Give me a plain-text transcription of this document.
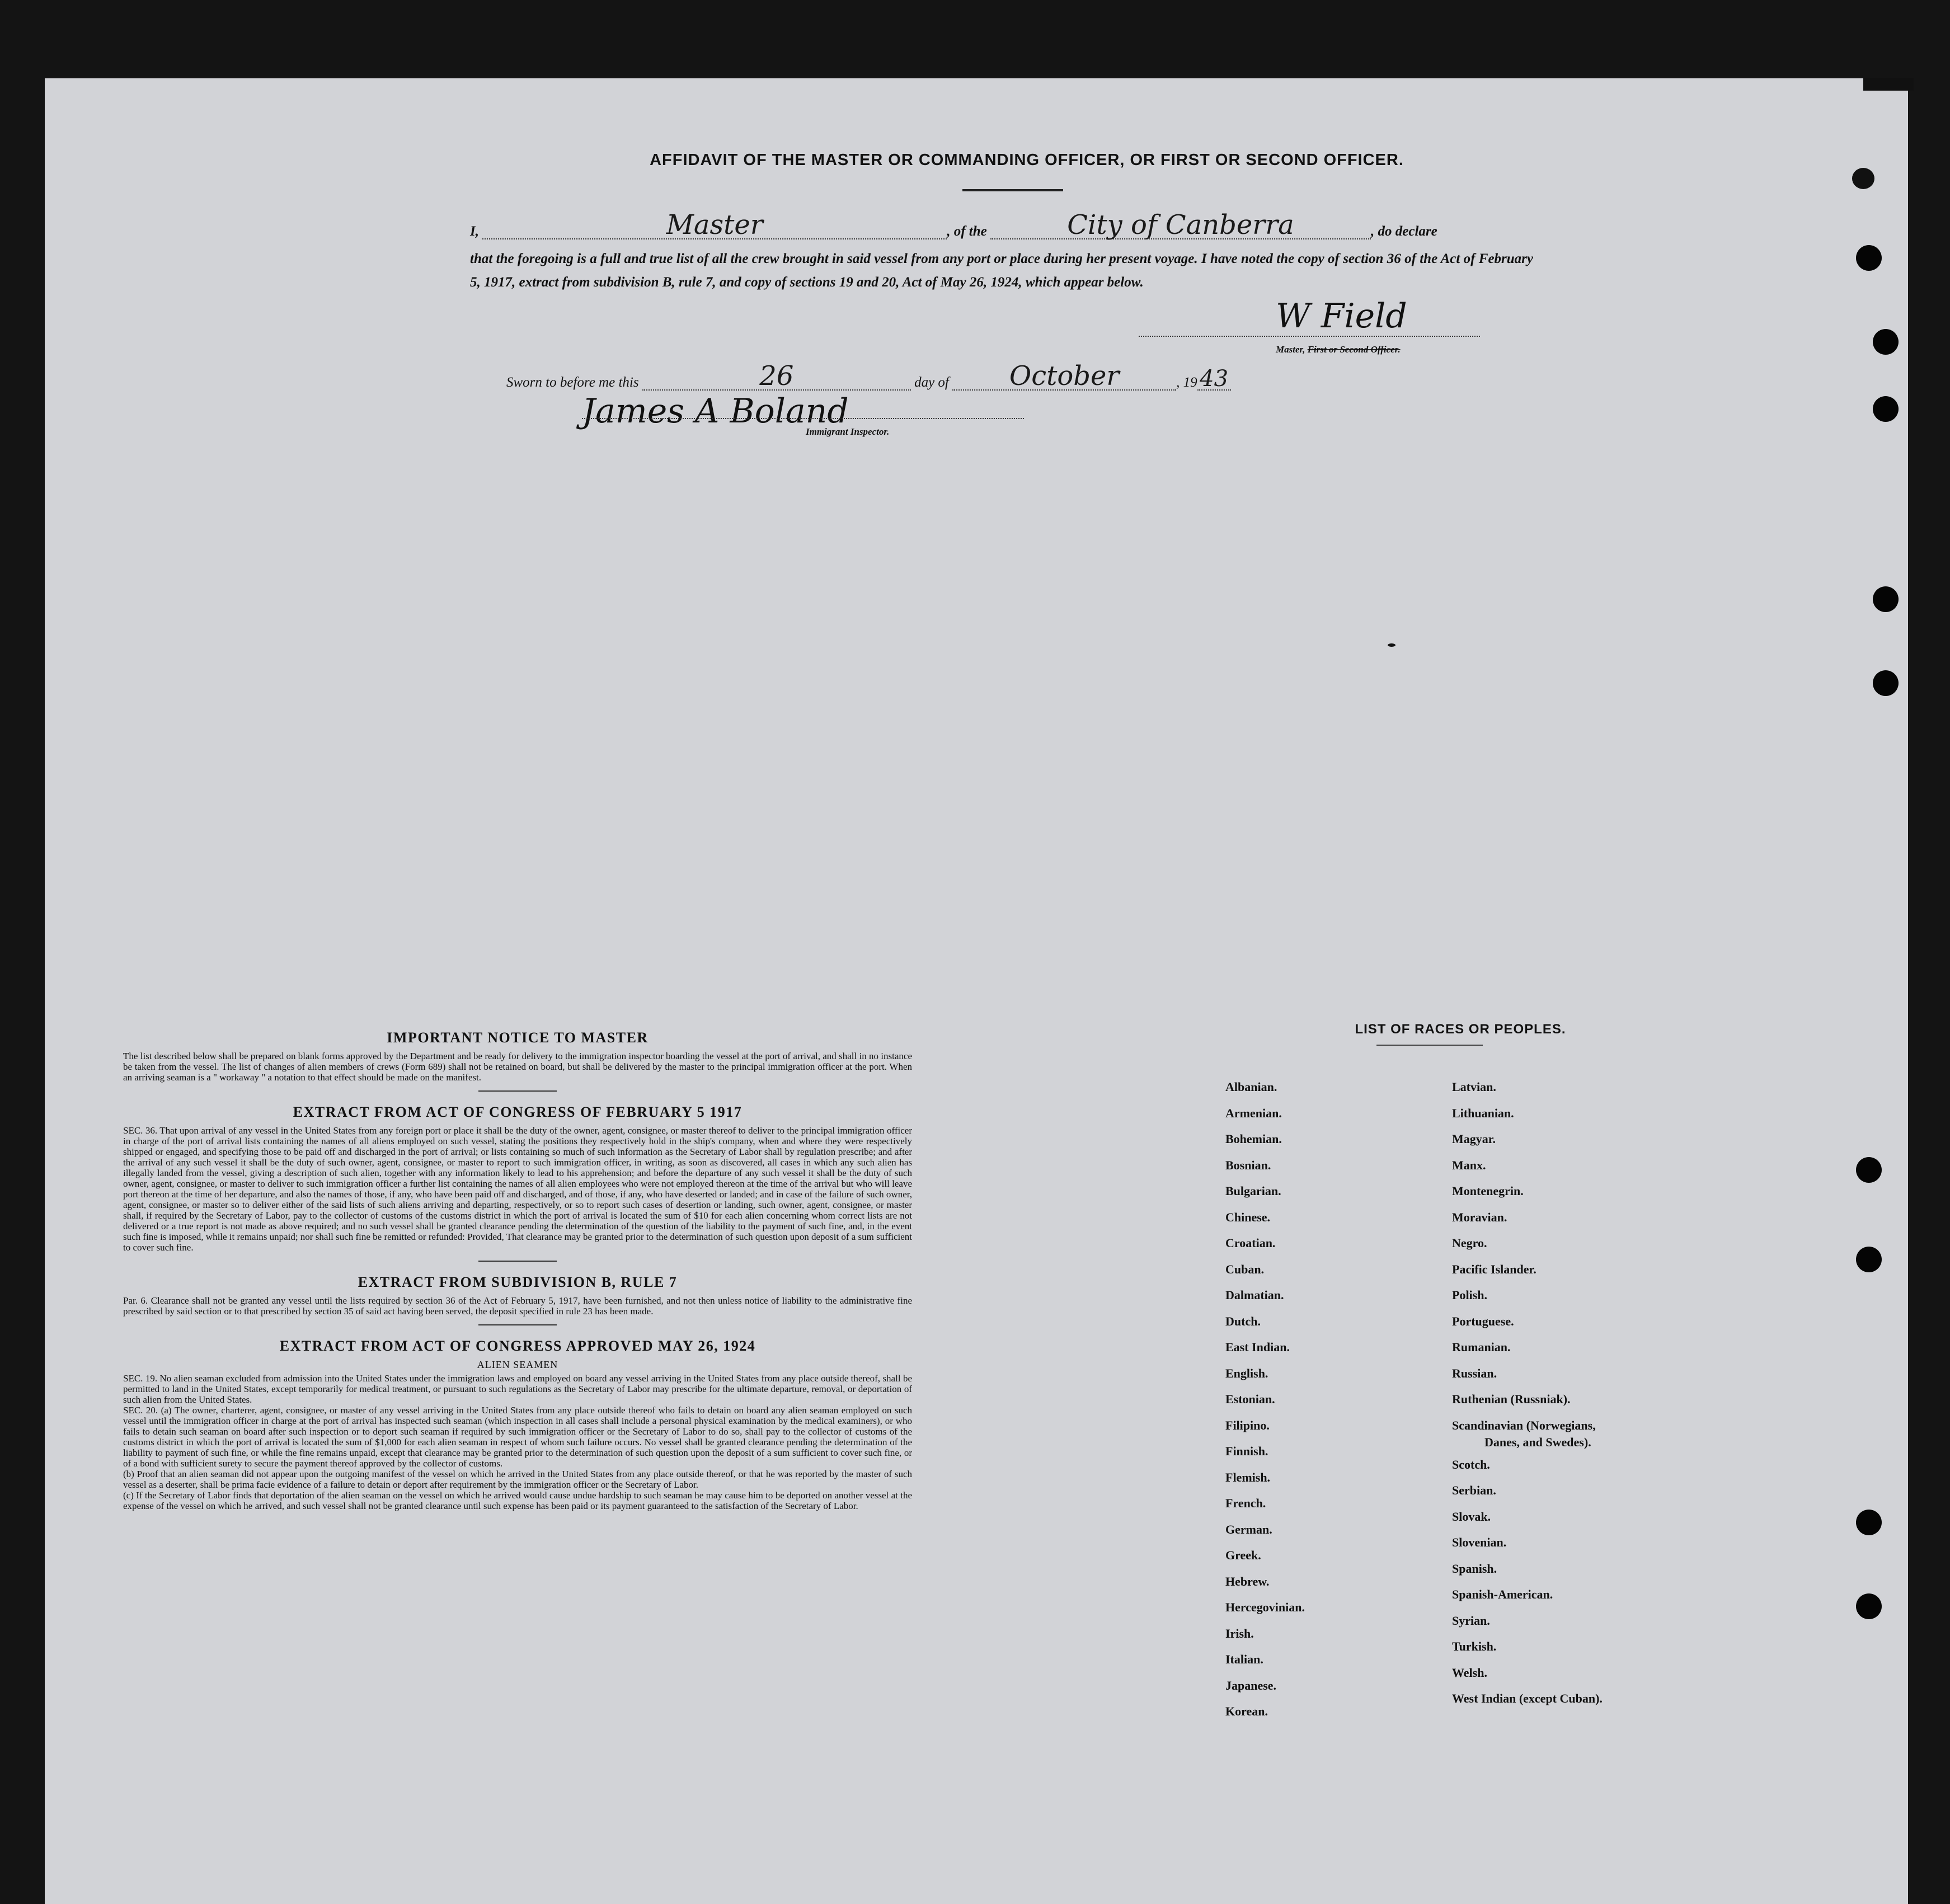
AFFIDAVIT OF THE MASTER OR COMMANDING OFFICER, OR FIRST OR SECOND OFFICER.
I,	Master	, of the	City of Canberra	, do declare
that the foregoing is a full and true list of all the crew brought in said vessel from any port or place during her present voyage. I have noted the copy of section 36 of the Act of February 5, 1917, extract from subdivision B, rule 7, and copy of sections 19 and 20, Act of May 26, 1924, which appear below.
W Field
Master, First or Second Officer.
Sworn to before me this	26	day of October	, 19 43
James A Boland
Immigrant Inspector.
IMPORTANT NOTICE TO MASTER

The list described below shall be prepared on blank forms approved by the Department and be ready for delivery to the immigration inspector boarding the vessel at the port of arrival, and shall in no instance be taken from the vessel. The list of changes of alien members of crews (Form 689) shall not be retained on board, but shall be delivered by the master to the principal immigration officer at the port. When an arriving seaman is a " workaway " a notation to that effect should be made on the manifest.

EXTRACT FROM ACT OF CONGRESS OF FEBRUARY 5 1917

SEC. 36. That upon arrival of any vessel in the United States from any foreign port or place it shall be the duty of the owner, agent, consignee, or master thereof to deliver to the principal immigration officer in charge of the port of arrival lists containing the names of all aliens employed on such vessel, stating the positions they respectively hold in the ship's company, when and where they were respectively shipped or engaged, and specifying those to be paid off and discharged in the port of arrival; or lists containing so much of such information as the Secretary of Labor shall by regulation prescribe; and after the arrival of any such vessel it shall be the duty of such owner, agent, consignee, or master to report to such immigration officer, in writing, as soon as discovered, all cases in which any such alien has illegally landed from the vessel, giving a description of such alien, together with any information likely to lead to his apprehension; and before the departure of any such vessel it shall be the duty of such owner, agent, consignee, or master to deliver to such immigration officer a further list containing the names of all alien employees who were not employed thereon at the time of the arrival but who will leave port thereon at the time of her departure, and also the names of those, if any, who have been paid off and discharged, and of those, if any, who have deserted or landed; and in case of the failure of such owner, agent, consignee, or master so to deliver either of the said lists of such aliens arriving and departing, respectively, or so to report such cases of desertion or landing, such owner, agent, consignee, or master shall, if required by the Secretary of Labor, pay to the collector of customs of the customs district in which the port of arrival is located the sum of $10 for each alien concerning whom correct lists are not delivered or a true report is not made as above required; and no such vessel shall be granted clearance pending the determination of the question of the liability to the payment of such fine, and, in the event such fine is imposed, while it remains unpaid; nor shall such fine be remitted or refunded: Provided, That clearance may be granted prior to the determination of such question upon deposit of a sum sufficient to cover such fine.

EXTRACT FROM SUBDIVISION B, RULE 7

Par. 6. Clearance shall not be granted any vessel until the lists required by section 36 of the Act of February 5, 1917, have been furnished, and not then unless notice of liability to the administrative fine prescribed by said section or to that prescribed by section 35 of said act having been served, the deposit specified in rule 23 has been made.

EXTRACT FROM ACT OF CONGRESS APPROVED MAY 26, 1924
ALIEN SEAMEN

SEC. 19. No alien seaman excluded from admission into the United States under the immigration laws and employed on board any vessel arriving in the United States from any place outside thereof, shall be permitted to land in the United States, except temporarily for medical treatment, or pursuant to such regulations as the Secretary of Labor may prescribe for the ultimate departure, removal, or deportation of such alien from the United States.

SEC. 20. (a) The owner, charterer, agent, consignee, or master of any vessel arriving in the United States from any place outside thereof who fails to detain on board any alien seaman employed on such vessel until the immigration officer in charge at the port of arrival has inspected such seaman (which inspection in all cases shall include a personal physical examination by the medical examiners), or who fails to detain such seaman on board after such inspection or to deport such seaman if required by such immigration officer or the Secretary of Labor to do so, shall pay to the collector of customs of the customs district in which the port of arrival is located the sum of $1,000 for each alien seaman in respect of whom such failure occurs. No vessel shall be granted clearance pending the determination of the liability to payment of such fine, or while the fine remains unpaid, except that clearance may be granted prior to the determination of such question upon the deposit of a sum sufficient to cover such fine, or of a bond with sufficient surety to secure the payment thereof approved by the collector of customs.

(b) Proof that an alien seaman did not appear upon the outgoing manifest of the vessel on which he arrived in the United States from any place outside thereof, or that he was reported by the master of such vessel as a deserter, shall be prima facie evidence of a failure to detain or deport after requirement by the immigration officer or the Secretary of Labor.

(c) If the Secretary of Labor finds that deportation of the alien seaman on the vessel on which he arrived would cause undue hardship to such seaman he may cause him to be deported on another vessel at the expense of the vessel on which he arrived, and such vessel shall not be granted clearance until such expense has been paid or its payment guaranteed to the satisfaction of the Secretary of Labor.

LIST OF RACES OR PEOPLES.
Albanian.
Armenian.
Bohemian.
Bosnian.
Bulgarian.
Chinese.
Croatian.
Cuban.
Dalmatian.
Dutch.
East Indian.
English.
Estonian.
Filipino.
Finnish.
Flemish.
French.
German.
Greek.
Hebrew.
Hercegovinian.
Irish.
Italian.
Japanese.
Korean.
Latvian.
Lithuanian.
Magyar.
Manx.
Montenegrin.
Moravian.
Negro.
Pacific Islander.
Polish.
Portuguese.
Rumanian.
Russian.
Ruthenian (Russniak).
Scandinavian (Norwegians,
Danes, and Swedes).
Scotch.
Serbian.
Slovak.
Slovenian.
Spanish.
Spanish-American.
Syrian.
Turkish.
Welsh.
West Indian (except Cuban).
